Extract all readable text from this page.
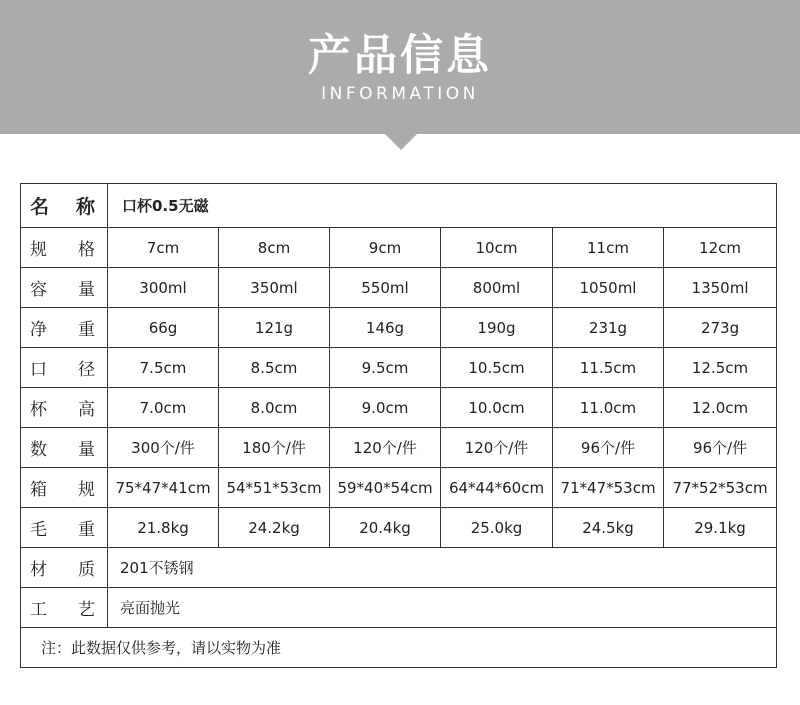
产品信息
INFORMATION
名 称	口杯0.5无磁					

规 格	7cm	8cm	9cm	10cm	11cm	12cm

容 量	300ml	350ml	550ml	800ml	1050ml	1350ml

净 重	66g	121g	146g	190g	231g	273g

口 径	7.5cm	8.5cm	9.5cm	10.5cm	11.5cm	12.5cm

杯 高	7.0cm	8.0cm	9.0cm	10.0cm	11.0cm	12.0cm

数 量	300个/件	180个/件	120个/件	120个/件	96个/件	96个/件

箱 规	75*47*41cm	54*51*53cm	59*40*54cm	64*44*60cm	71*47*53cm	77*52*53cm

毛 重	21.8kg	24.2kg	20.4kg	25.0kg	24.5kg	29.1kg

材 质	201不锈钢					

工 艺	亮面抛光					
注：此数据仅供参考，请以实物为准						
